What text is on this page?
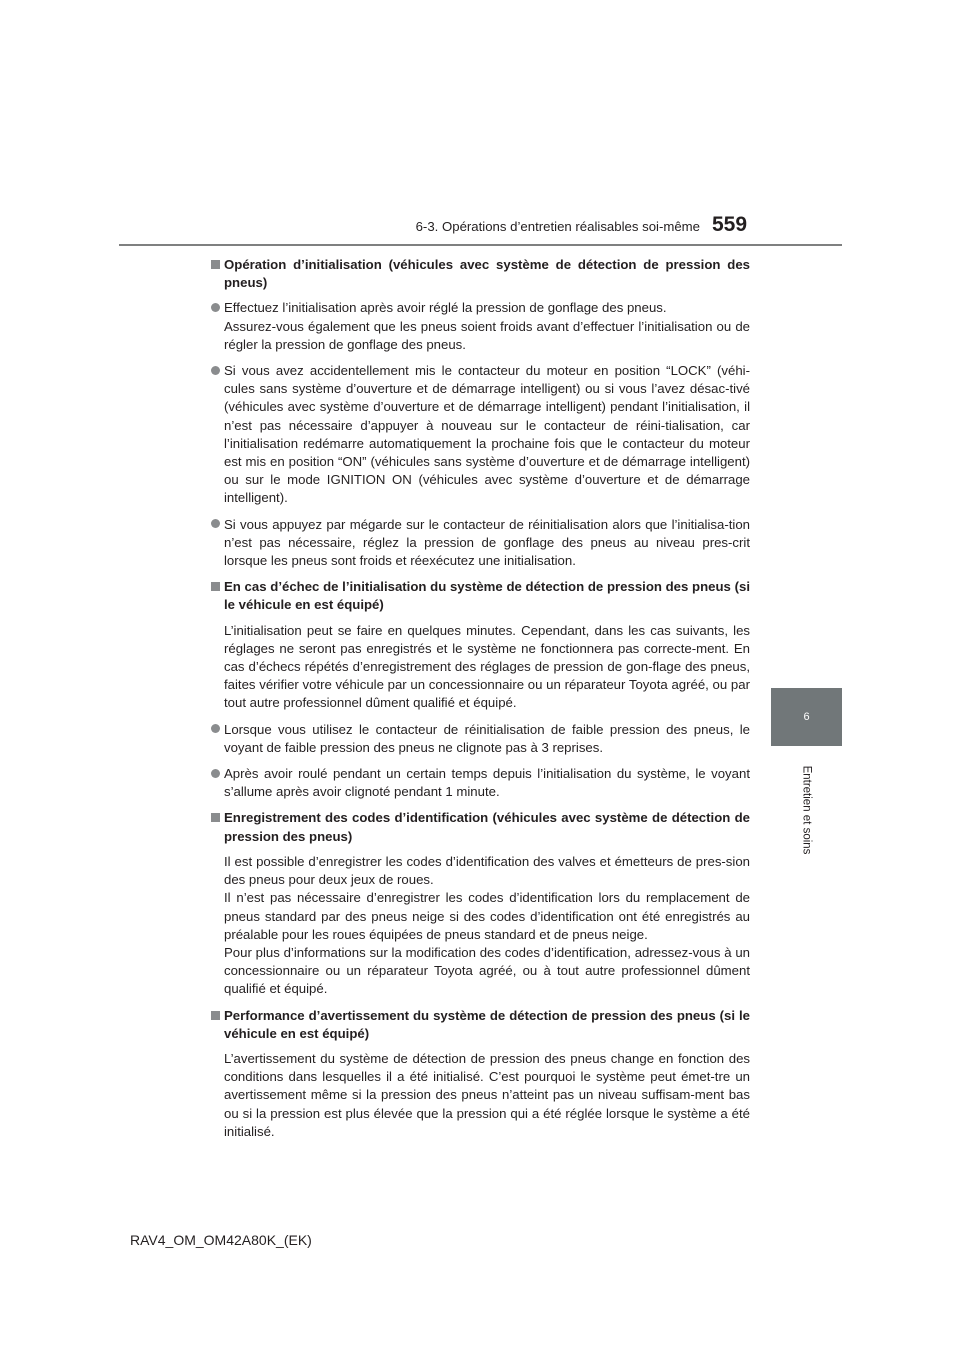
6-3. Opérations d’entretien réalisables soi-même 559
6
Entretien et soins
Opération d’initialisation (véhicules avec système de détection de pression des pneus)
Effectuez l’initialisation après avoir réglé la pression de gonflage des pneus.
Assurez-vous également que les pneus soient froids avant d’effectuer l’initialisation ou de régler la pression de gonflage des pneus.
Si vous avez accidentellement mis le contacteur du moteur en position “LOCK” (véhi-cules sans système d’ouverture et de démarrage intelligent) ou si vous l’avez désac-tivé (véhicules avec système d’ouverture et de démarrage intelligent) pendant l’initialisation, il n’est pas nécessaire d’appuyer à nouveau sur le contacteur de réini-tialisation, car l’initialisation redémarre automatiquement la prochaine fois que le contacteur du moteur est mis en position “ON” (véhicules sans système d’ouverture et de démarrage intelligent) ou sur le mode IGNITION ON (véhicules avec système d’ouverture et de démarrage intelligent).
Si vous appuyez par mégarde sur le contacteur de réinitialisation alors que l’initialisa-tion n’est pas nécessaire, réglez la pression de gonflage des pneus au niveau pres-crit lorsque les pneus sont froids et réexécutez une initialisation.
En cas d’échec de l’initialisation du système de détection de pression des pneus (si le véhicule en est équipé)
L’initialisation peut se faire en quelques minutes. Cependant, dans les cas suivants, les réglages ne seront pas enregistrés et le système ne fonctionnera pas correcte-ment. En cas d’échecs répétés d’enregistrement des réglages de pression de gon-flage des pneus, faites vérifier votre véhicule par un concessionnaire ou un réparateur Toyota agréé, ou par tout autre professionnel dûment qualifié et équipé.
Lorsque vous utilisez le contacteur de réinitialisation de faible pression des pneus, le voyant de faible pression des pneus ne clignote pas à 3 reprises.
Après avoir roulé pendant un certain temps depuis l’initialisation du système, le voyant s’allume après avoir clignoté pendant 1 minute.
Enregistrement des codes d’identification (véhicules avec système de détection de pression des pneus)
Il est possible d’enregistrer les codes d’identification des valves et émetteurs de pres-sion des pneus pour deux jeux de roues.
Il n’est pas nécessaire d’enregistrer les codes d’identification lors du remplacement de pneus standard par des pneus neige si des codes d’identification ont été enregistrés au préalable pour les roues équipées de pneus standard et de pneus neige.
Pour plus d’informations sur la modification des codes d’identification, adressez-vous à un concessionnaire ou un réparateur Toyota agréé, ou à tout autre professionnel dûment qualifié et équipé.
Performance d’avertissement du système de détection de pression des pneus (si le véhicule en est équipé)
L’avertissement du système de détection de pression des pneus change en fonction des conditions dans lesquelles il a été initialisé. C’est pourquoi le système peut émet-tre un avertissement même si la pression des pneus n’atteint pas un niveau suffisam-ment bas ou si la pression est plus élevée que la pression qui a été réglée lorsque le système a été initialisé.
RAV4_OM_OM42A80K_(EK)
